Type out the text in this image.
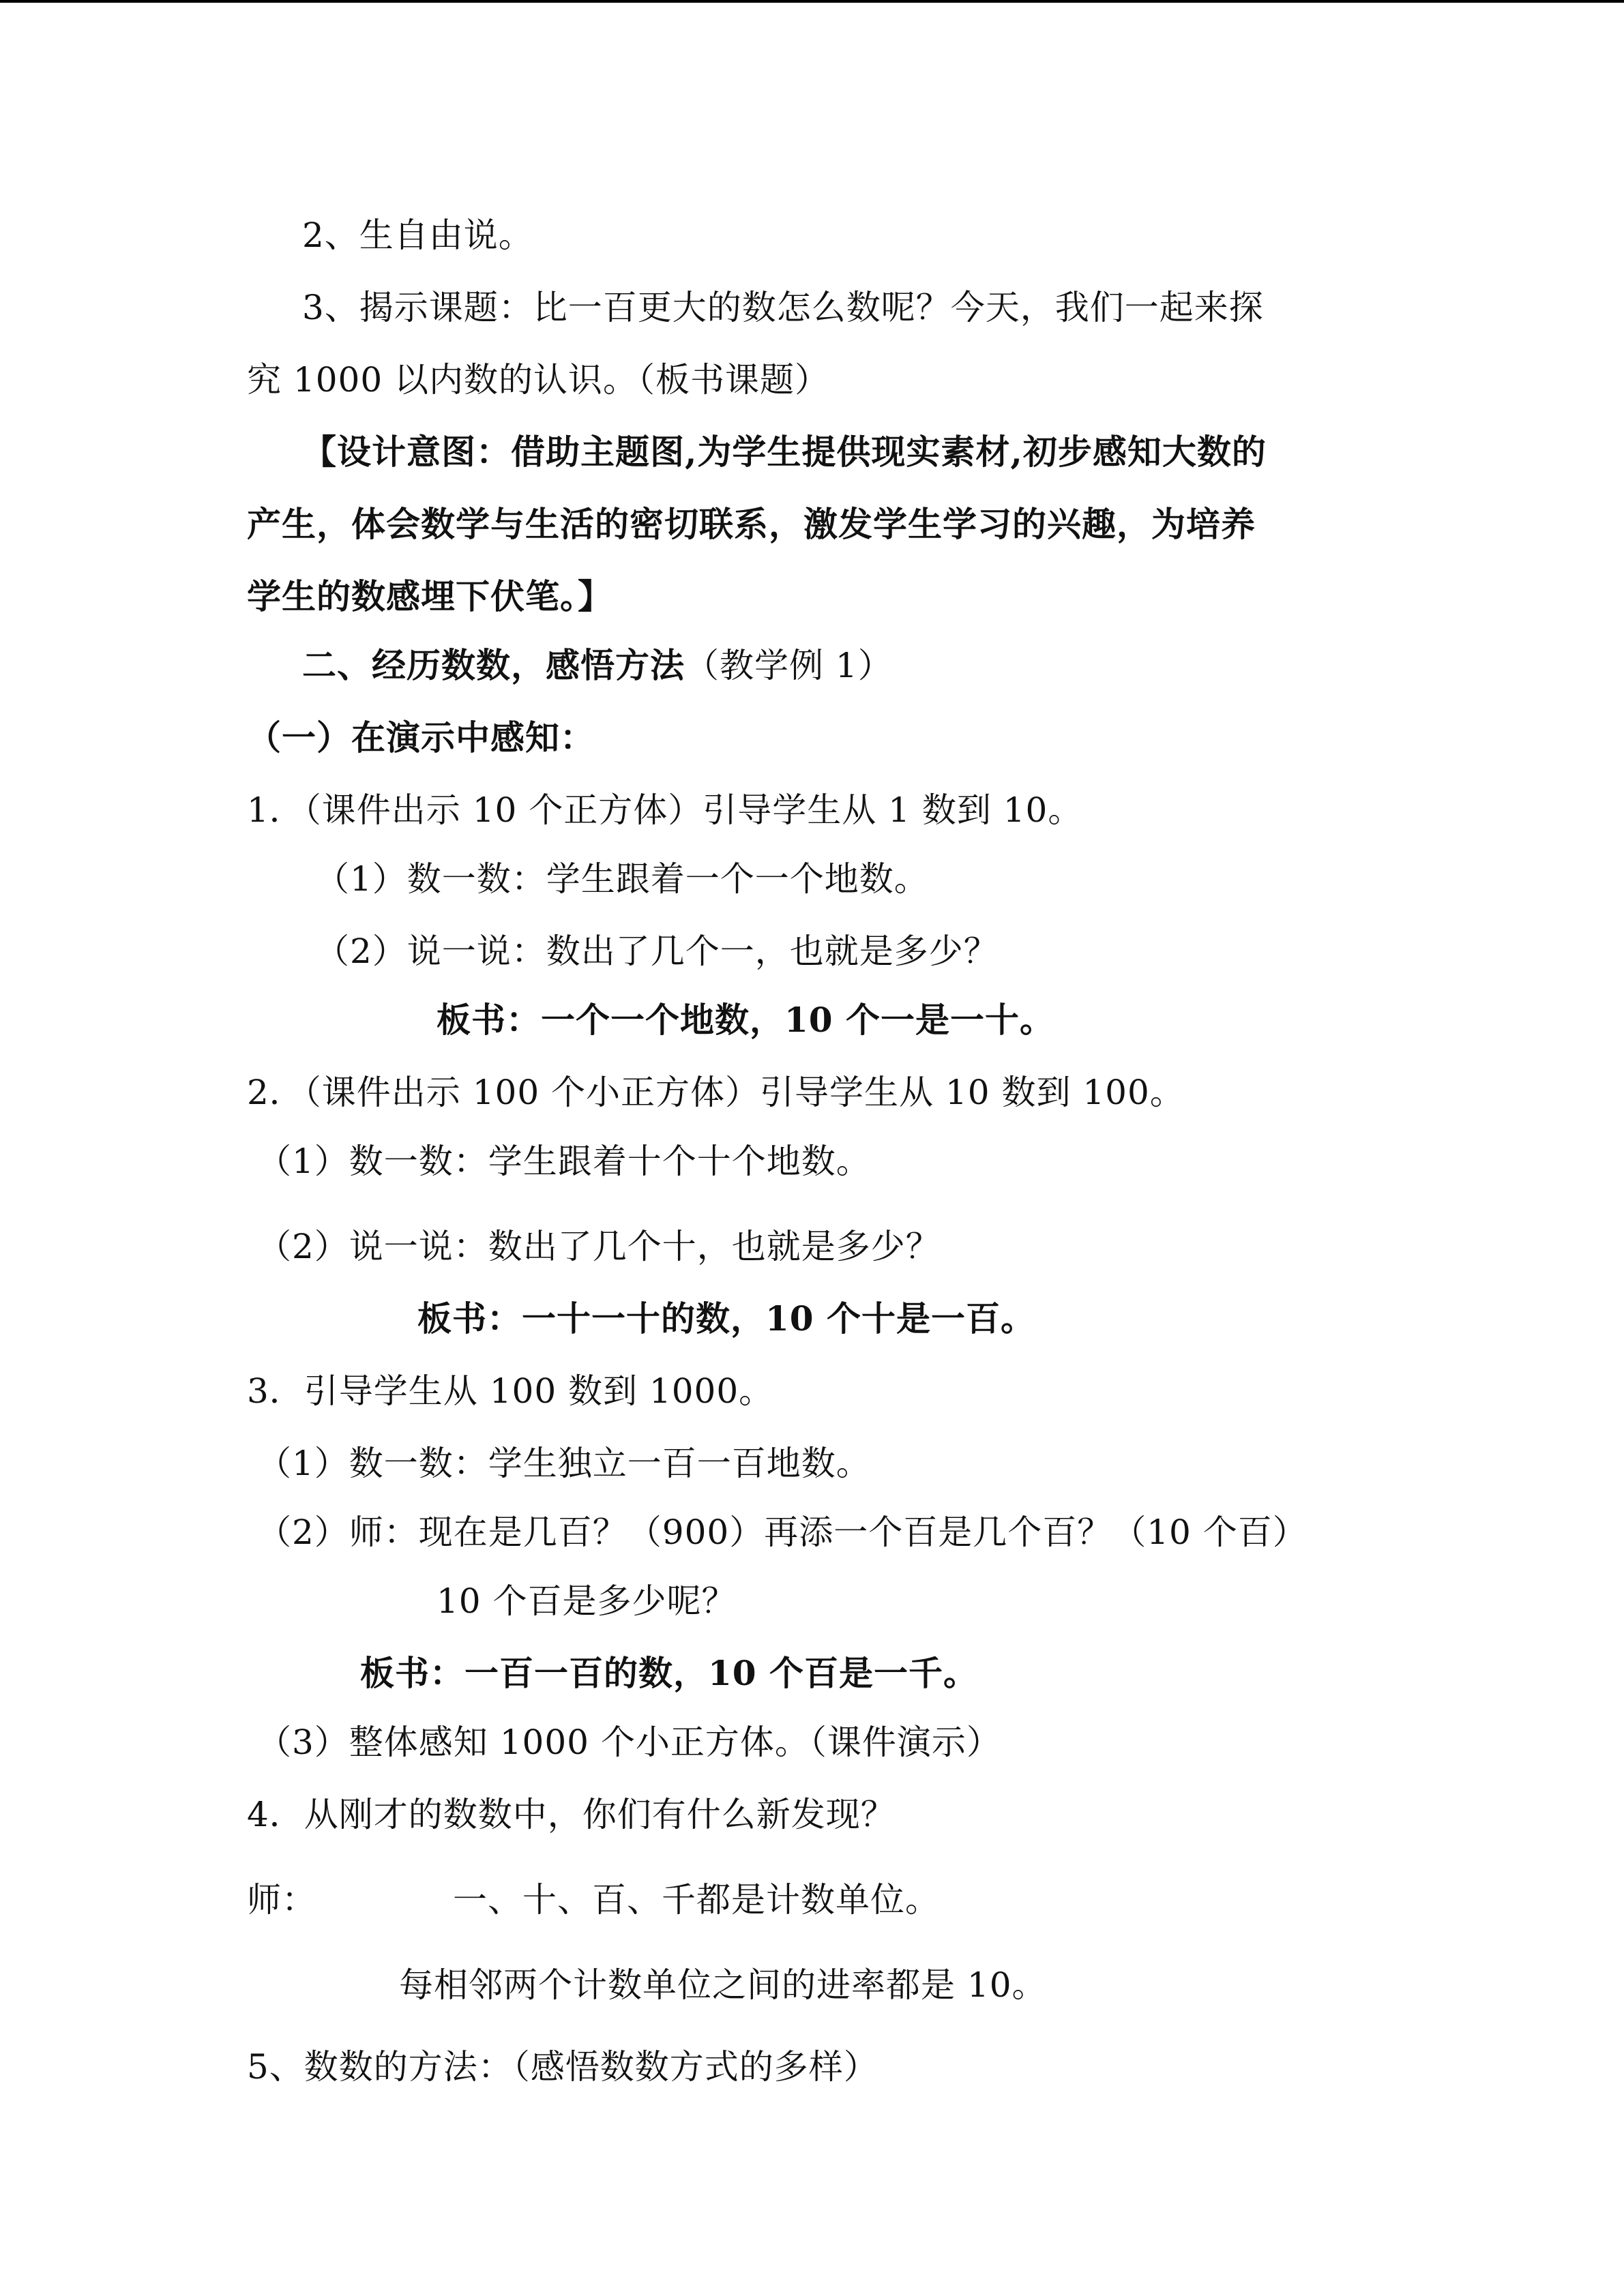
2、生自由说。
3、揭示课题：比一百更大的数怎么数呢？今天，我们一起来探
究 1000 以内数的认识。（板书课题）
【设计意图：借助主题图,为学生提供现实素材,初步感知大数的
产生，体会数学与生活的密切联系，激发学生学习的兴趣，为培养
学生的数感埋下伏笔。】
二、经历数数，感悟方法（教学例 1）
（一）在演示中感知：
1．（课件出示 10 个正方体）引导学生从 1 数到 10。
（1）数一数：学生跟着一个一个地数。
（2）说一说：数出了几个一，也就是多少？
板书：一个一个地数，10 个一是一十。
2．（课件出示 100 个小正方体）引导学生从 10 数到 100。
（1）数一数：学生跟着十个十个地数。
（2）说一说：数出了几个十，也就是多少？
板书：一十一十的数，10 个十是一百。
3．引导学生从 100 数到 1000。
（1）数一数：学生独立一百一百地数。
（2）师：现在是几百？（900）再添一个百是几个百？（10 个百）
10 个百是多少呢？
板书：一百一百的数，10 个百是一千。
（3）整体感知 1000 个小正方体。（课件演示）
4．从刚才的数数中，你们有什么新发现？
师：	一、十、百、千都是计数单位。
每相邻两个计数单位之间的进率都是 10。
5、数数的方法：（感悟数数方式的多样）
